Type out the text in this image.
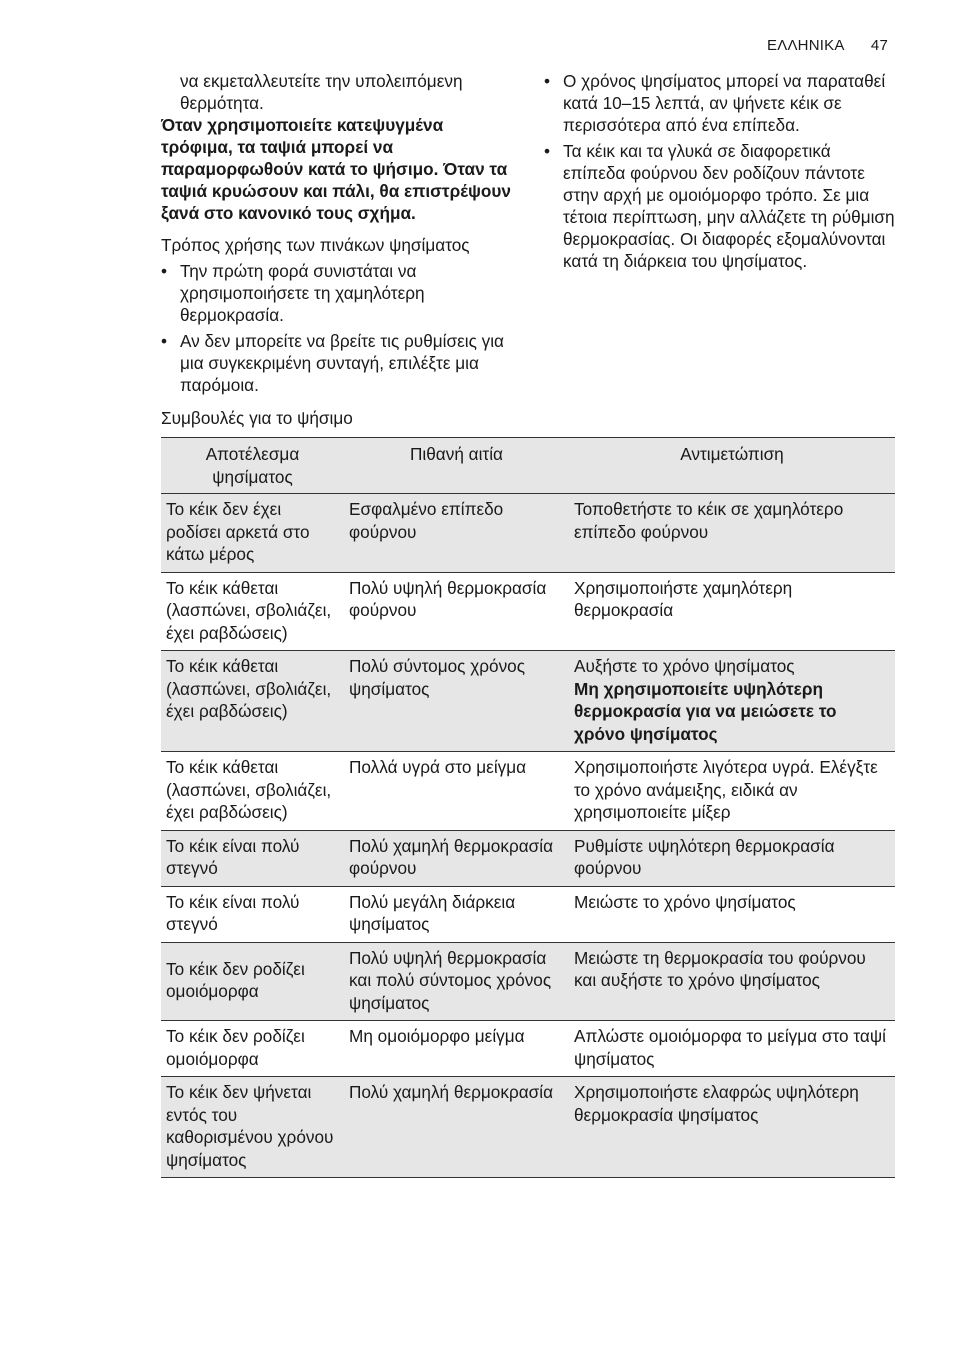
ΕΛΛΗΝΙΚΑ 47

να εκμεταλλευτείτε την υπολειπόμενη θερμότητα.

Όταν χρησιμοποιείτε κατεψυγμένα τρόφιμα, τα ταψιά μπορεί να παραμορφωθούν κατά το ψήσιμο. Όταν τα ταψιά κρυώσουν και πάλι, θα επιστρέψουν ξανά στο κανονικό τους σχήμα.

Τρόπος χρήσης των πινάκων ψησίματος

• Την πρώτη φορά συνιστάται να χρησιμοποιήσετε τη χαμηλότερη θερμοκρασία.
• Αν δεν μπορείτε να βρείτε τις ρυθμίσεις για μια συγκεκριμένη συνταγή, επιλέξτε μια παρόμοια.
• Ο χρόνος ψησίματος μπορεί να παραταθεί κατά 10–15 λεπτά, αν ψήνετε κέικ σε περισσότερα από ένα επίπεδα.
• Τα κέικ και τα γλυκά σε διαφορετικά επίπεδα φούρνου δεν ροδίζουν πάντοτε στην αρχή με ομοιόμορφο τρόπο. Σε μια τέτοια περίπτωση, μην αλλάζετε τη ρύθμιση θερμοκρασίας. Οι διαφορές εξομαλύνονται κατά τη διάρκεια του ψησίματος.
Συμβουλές για το ψήσιμο
Αποτέλεσμα ψησίματος	Πιθανή αιτία	Αντιμετώπιση
Το κέικ δεν έχει ροδίσει αρκετά στο κάτω μέρος	Εσφαλμένο επίπεδο φούρνου	Τοποθετήστε το κέικ σε χαμηλότερο επίπεδο φούρνου

Το κέικ κάθεται (λασπώνει, σβολιάζει, έχει ραβδώσεις)	Πολύ υψηλή θερμοκρασία φούρνου	Χρησιμοποιήστε χαμηλότερη θερμοκρασία

Το κέικ κάθεται (λασπώνει, σβολιάζει, έχει ραβδώσεις)	Πολύ σύντομος χρόνος ψησίματος	Αυξήστε το χρόνο ψησίματος
Μη χρησιμοποιείτε υψηλότερη θερμοκρασία για να μειώσετε το χρόνο ψησίματος

Το κέικ κάθεται (λασπώνει, σβολιάζει, έχει ραβδώσεις)	Πολλά υγρά στο μείγμα	Χρησιμοποιήστε λιγότερα υγρά. Ελέγξτε το χρόνο ανάμειξης, ειδικά αν χρησιμοποιείτε μίξερ

Το κέικ είναι πολύ στεγνό	Πολύ χαμηλή θερμοκρασία φούρνου	Ρυθμίστε υψηλότερη θερμοκρασία φούρνου

Το κέικ είναι πολύ στεγνό	Πολύ μεγάλη διάρκεια ψησίματος	Μειώστε το χρόνο ψησίματος

Το κέικ δεν ροδίζει ομοιόμορφα	Πολύ υψηλή θερμοκρασία και πολύ σύντομος χρόνος ψησίματος	Μειώστε τη θερμοκρασία του φούρνου και αυξήστε το χρόνο ψησίματος

Το κέικ δεν ροδίζει ομοιόμορφα	Μη ομοιόμορφο μείγμα	Απλώστε ομοιόμορφα το μείγμα στο ταψί ψησίματος

Το κέικ δεν ψήνεται εντός του καθορισμένου χρόνου ψησίματος	Πολύ χαμηλή θερμοκρασία	Χρησιμοποιήστε ελαφρώς υψηλότερη θερμοκρασία ψησίματος
